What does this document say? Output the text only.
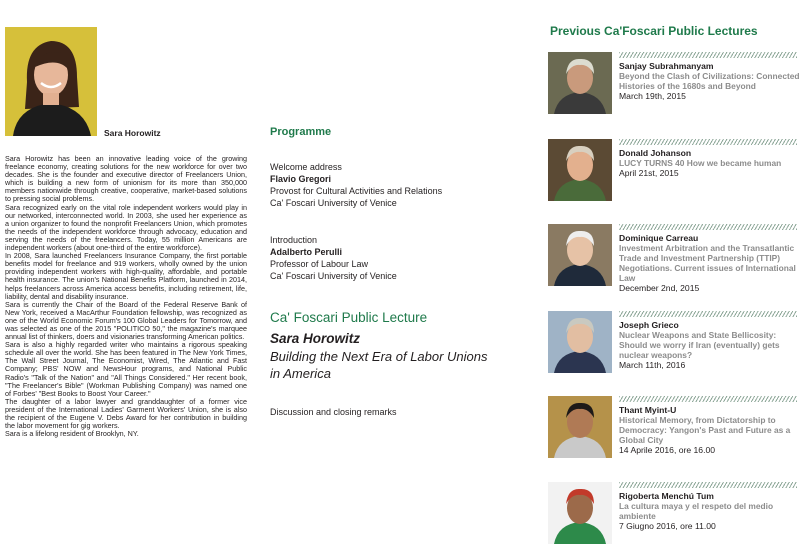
Sara Horowitz

Sara Horowitz has been an innovative leading voice of the growing freelance economy, creating solutions for the new workforce for over two decades. She is the founder and executive director of Freelancers Union, which is building a new form of unionism for its more than 350,000 members nationwide through creative, cooperative, market-based solutions to pressing social problems.

Sara recognized early on the vital role independent workers would play in our networked, interconnected world. In 2003, she used her experience as a union organizer to found the nonprofit Freelancers Union, which promotes the needs of the independent workforce through advocacy, education and serving the needs of the freelancers. Today, 55 million Americans are independent workers (about one-third of the entire workforce).

In 2008, Sara launched Freelancers Insurance Company, the first portable benefits model for freelance and 919 workers, wholly owned by the union providing independent workers with high-quality, affordable, and portable health insurance. The union's National Benefits Platform, launched in 2014, helps freelancers across America access benefits, including retirement, life, liability, dental and disability insurance.

Sara is currently the Chair of the Board of the Federal Reserve Bank of New York, received a MacArthur Foundation fellowship, was recognized as one of the World Economic Forum's 100 Global Leaders for Tomorrow, and was selected as one of the 2015 "POLITICO 50," the magazine's marquee annual list of thinkers, doers and visionaries transforming American politics.

Sara is also a highly regarded writer who maintains a rigorous speaking schedule all over the world. She has been featured in The New York Times, The Wall Street Journal, The Economist, Wired, The Atlantic and Fast Company; PBS' NOW and NewsHour programs, and National Public Radio's "Talk of the Nation" and "All Things Considered." Her recent book, "The Freelancer's Bible" (Workman Publishing Company) was named one of Forbes' "Best Books to Boost Your Career."

The daughter of a labor lawyer and granddaughter of a former vice president of the International Ladies' Garment Workers' Union, she is also the recipient of the Eugene V. Debs Award for her contribution in building the labor movement for gig workers.

Sara is a lifelong resident of Brooklyn, NY.

Programme
Welcome address
Flavio Gregori
Provost for Cultural Activities and Relations
Ca' Foscari University of Venice
Introduction
Adalberto Perulli
Professor of Labour Law
Ca' Foscari University of Venice
Ca' Foscari Public Lecture
Sara Horowitz
Building the Next Era of Labor Unions in America
Discussion and closing remarks
Previous Ca'Foscari Public Lectures
Sanjay Subrahmanyam
Beyond the Clash of Civilizations: Connected Histories of the 1680s and Beyond
March 19th, 2015
Donald Johanson
LUCY TURNS 40 How we became human
April 21st, 2015
Dominique Carreau
Investment Arbitration and the Transatlantic Trade and Investment Partnership (TTIP) Negotiations. Current issues of International Law
December 2nd, 2015
Joseph Grieco
Nuclear Weapons and State Bellicosity: Should we worry if Iran (eventually) gets nuclear weapons?
March 11th, 2016
Thant Myint-U
Historical Memory, from Dictatorship to Democracy: Yangon's Past and Future as a Global City
14 Aprile 2016, ore 16.00
Rigoberta Menchú Tum
La cultura maya y el respeto del medio ambiente
7 Giugno 2016, ore 11.00
